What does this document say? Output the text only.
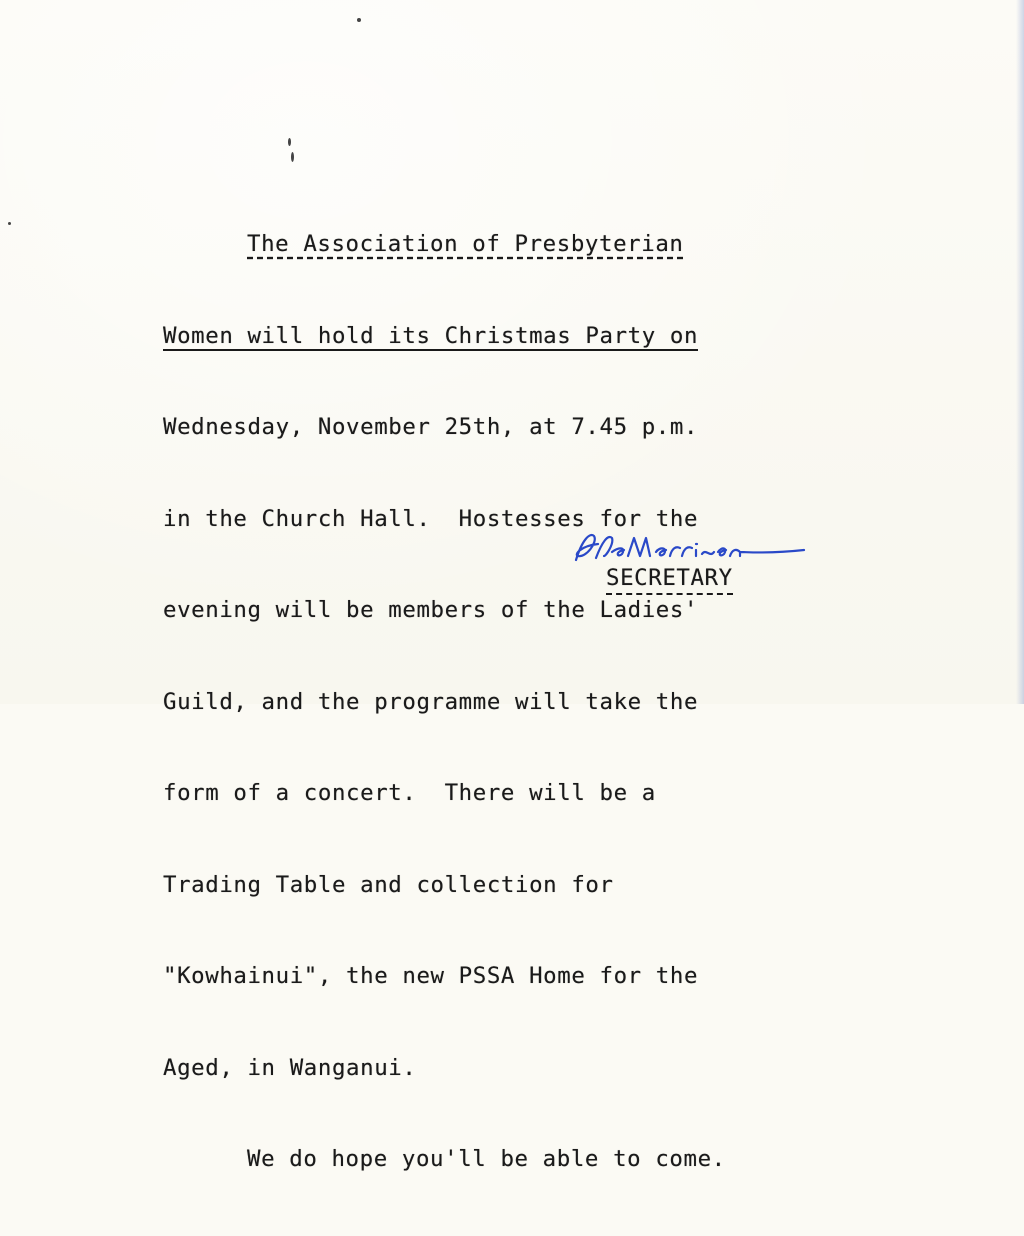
The Association of Presbyterian

Women will hold its Christmas Party on

Wednesday, November 25th, at 7.45 p.m.

in the Church Hall.  Hostesses for the

evening will be members of the Ladies'

Guild, and the programme will take the

form of a concert.  There will be a

Trading Table and collection for

"Kowhainui", the new PSSA Home for the

Aged, in Wanganui.

We do hope you'll be able to come.

SECRETARY
